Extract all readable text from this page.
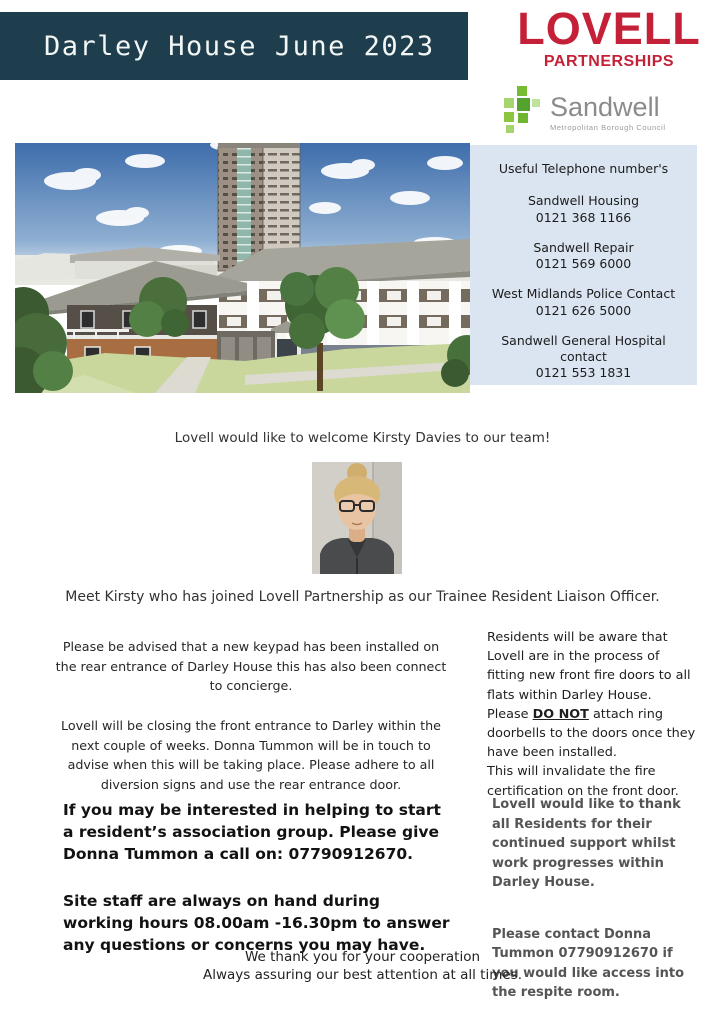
Darley House June 2023	LOVELL
PARTNERSHIPS
Sandwell
Metropolitan Borough Council
Useful Telephone number's
Sandwell Housing
0121 368 1166
Sandwell Repair
0121 569 6000
West Midlands Police Contact
0121 626 5000
Sandwell General Hospital contact
0121 553 1831
Lovell would like to welcome Kirsty Davies to our team!
Meet Kirsty who has joined Lovell Partnership as our Trainee Resident Liaison Officer.

Please be advised that a new keypad has been installed on the rear entrance of Darley House this has also been connect to concierge.

Lovell will be closing the front entrance to Darley within the next couple of weeks. Donna Tummon will be in touch to advise when this will be taking place. Please adhere to all diversion signs and use the rear entrance door.

Residents will be aware that Lovell are in the process of fitting new front fire doors to all flats within Darley House.
Please DO NOT attach ring doorbells to the doors once they have been installed.
This will invalidate the fire certification on the front door.

If you may be interested in helping to start a resident’s association group. Please give Donna Tummon a call on: 07790912670.

Site staff are always on hand during working hours 08.00am -16.30pm to answer any questions or concerns you may have.

Lovell would like to thank all Residents for their continued support whilst work progresses within Darley House.

Please contact Donna Tummon 07790912670 if you would like access into the respite room.

We thank you for your cooperation
Always assuring our best attention at all times.
